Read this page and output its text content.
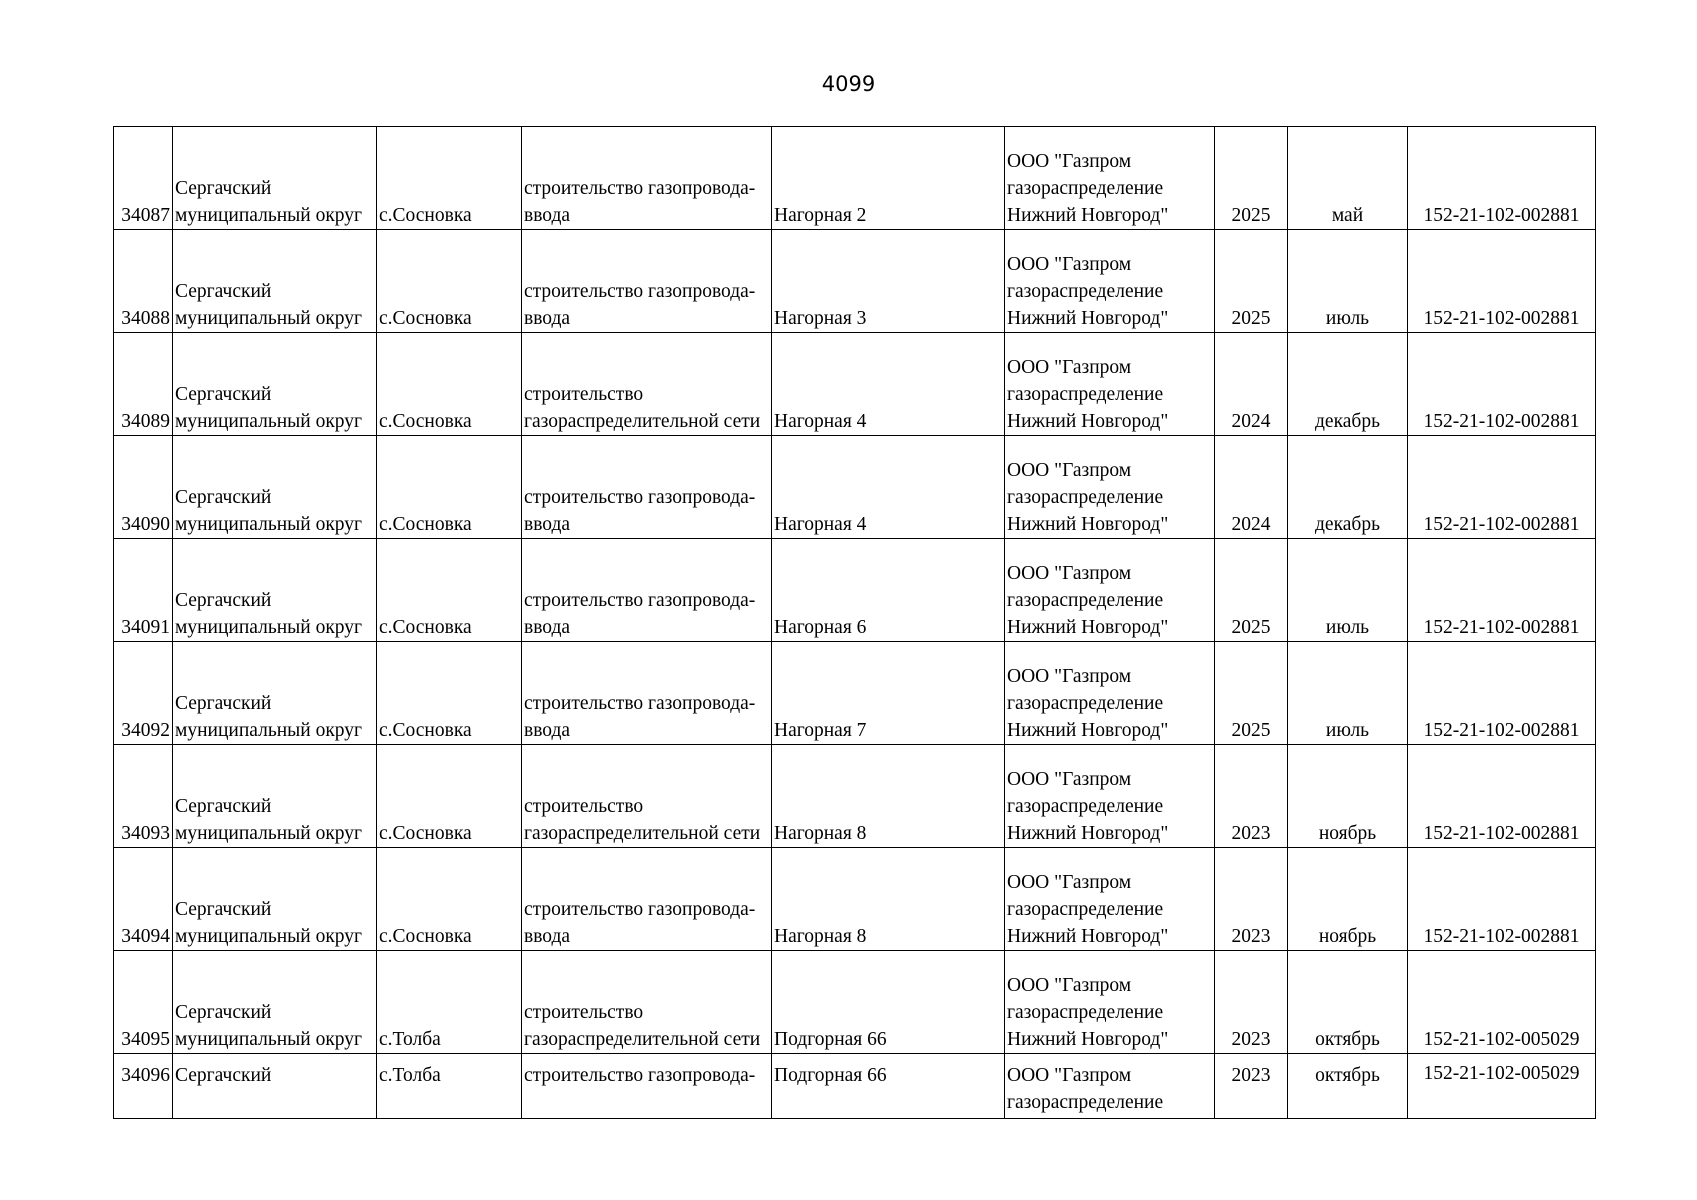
4099
34087	Сергачский
муниципальный округ	с.Сосновка	строительство газопровода-
ввода	Нагорная 2	ООО "Газпром
газораспределение
Нижний Новгород"	2025	май	152-21-102-002881
34088	Сергачский
муниципальный округ	с.Сосновка	строительство газопровода-
ввода	Нагорная 3	ООО "Газпром
газораспределение
Нижний Новгород"	2025	июль	152-21-102-002881
34089	Сергачский
муниципальный округ	с.Сосновка	строительство
газораспределительной сети	Нагорная 4	ООО "Газпром
газораспределение
Нижний Новгород"	2024	декабрь	152-21-102-002881
34090	Сергачский
муниципальный округ	с.Сосновка	строительство газопровода-
ввода	Нагорная 4	ООО "Газпром
газораспределение
Нижний Новгород"	2024	декабрь	152-21-102-002881
34091	Сергачский
муниципальный округ	с.Сосновка	строительство газопровода-
ввода	Нагорная 6	ООО "Газпром
газораспределение
Нижний Новгород"	2025	июль	152-21-102-002881
34092	Сергачский
муниципальный округ	с.Сосновка	строительство газопровода-
ввода	Нагорная 7	ООО "Газпром
газораспределение
Нижний Новгород"	2025	июль	152-21-102-002881
34093	Сергачский
муниципальный округ	с.Сосновка	строительство
газораспределительной сети	Нагорная 8	ООО "Газпром
газораспределение
Нижний Новгород"	2023	ноябрь	152-21-102-002881
34094	Сергачский
муниципальный округ	с.Сосновка	строительство газопровода-
ввода	Нагорная 8	ООО "Газпром
газораспределение
Нижний Новгород"	2023	ноябрь	152-21-102-002881
34095	Сергачский
муниципальный округ	с.Толба	строительство
газораспределительной сети	Подгорная 66	ООО "Газпром
газораспределение
Нижний Новгород"	2023	октябрь	152-21-102-005029
34096	Сергачский	с.Толба	строительство газопровода-	Подгорная 66	ООО "Газпром
газораспределение	2023	октябрь	152-21-102-005029
